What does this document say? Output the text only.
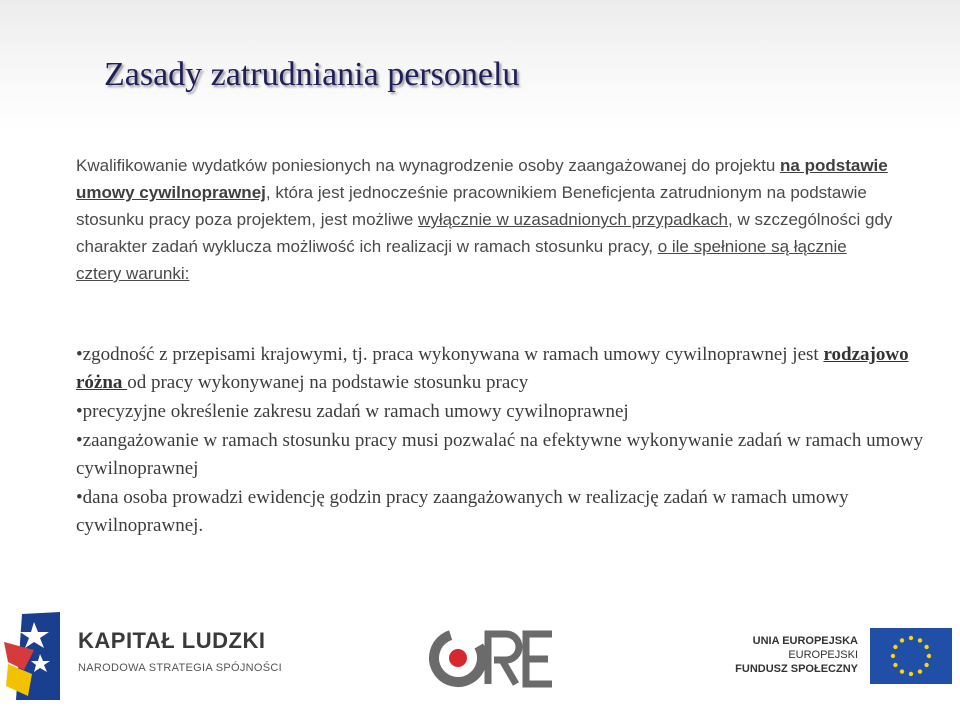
Zasady zatrudniania personelu
Kwalifikowanie wydatków poniesionych na wynagrodzenie osoby zaangażowanej do projektu na podstawie umowy cywilnoprawnej, która jest jednocześnie pracownikiem Beneficjenta zatrudnionym na podstawie stosunku pracy poza projektem, jest możliwe wyłącznie w uzasadnionych przypadkach, w szczególności gdy charakter zadań wyklucza możliwość ich realizacji w ramach stosunku pracy, o ile spełnione są łącznie cztery warunki:
•zgodność z przepisami krajowymi, tj. praca wykonywana w ramach umowy cywilnoprawnej jest rodzajowo różna od pracy wykonywanej na podstawie stosunku pracy
•precyzyjne określenie zakresu zadań w ramach umowy cywilnoprawnej
•zaangażowanie w ramach stosunku pracy musi pozwalać na efektywne wykonywanie zadań w ramach umowy cywilnoprawnej
•dana osoba prowadzi ewidencję godzin pracy zaangażowanych w realizację zadań w ramach umowy cywilnoprawnej.
KAPITAŁ LUDZKI
NARODOWA STRATEGIA SPÓJNOŚCI
UNIA EUROPEJSKA
EUROPEJSKI
FUNDUSZ SPOŁECZNY
